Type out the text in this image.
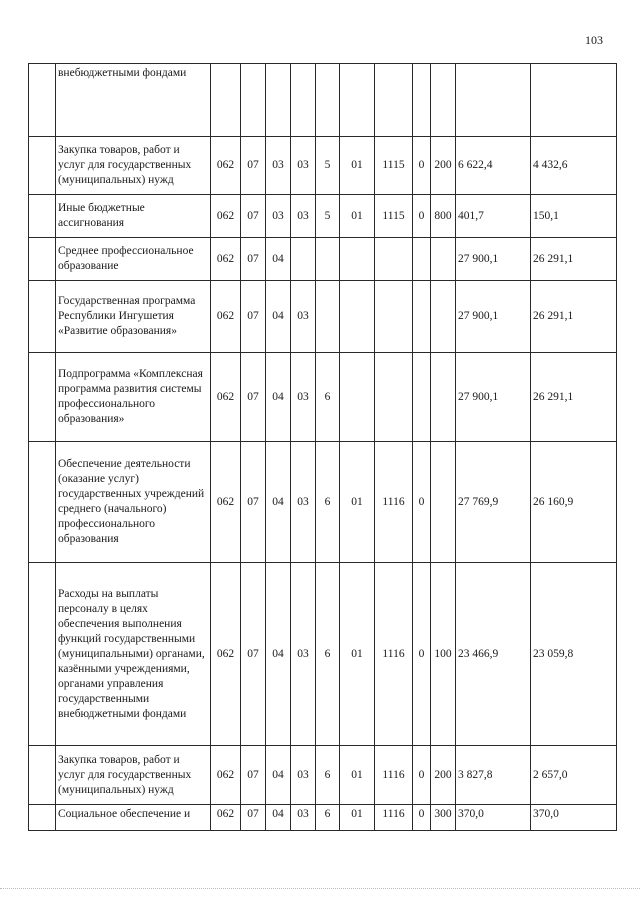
103
	внебюджетными фондами											
	Закупка товаров, работ и услуг для государственных (муниципальных) нужд	062	07	03	03	5	01	1115	0	200	6 622,4	4 432,6
	Иные бюджетные ассигнования	062	07	03	03	5	01	1115	0	800	401,7	150,1
	Среднее профессиональное образование	062	07	04							27 900,1	26 291,1
	Государственная программа Республики Ингушетия «Развитие образования»	062	07	04	03						27 900,1	26 291,1
	Подпрограмма «Комплексная программа развития системы профессионального образования»	062	07	04	03	6					27 900,1	26 291,1
	Обеспечение деятельности (оказание услуг) государственных учреждений среднего (начального) профессионального образования	062	07	04	03	6	01	1116	0		27 769,9	26 160,9
	Расходы на выплаты персоналу в целях обеспечения выполнения функций государственными (муниципальными) органами, казёнными учреждениями, органами управления государственными внебюджетными фондами	062	07	04	03	6	01	1116	0	100	23 466,9	23 059,8
	Закупка товаров, работ и услуг для государственных (муниципальных) нужд	062	07	04	03	6	01	1116	0	200	3 827,8	2 657,0
	Социальное обеспечение и	062	07	04	03	6	01	1116	0	300	370,0	370,0
